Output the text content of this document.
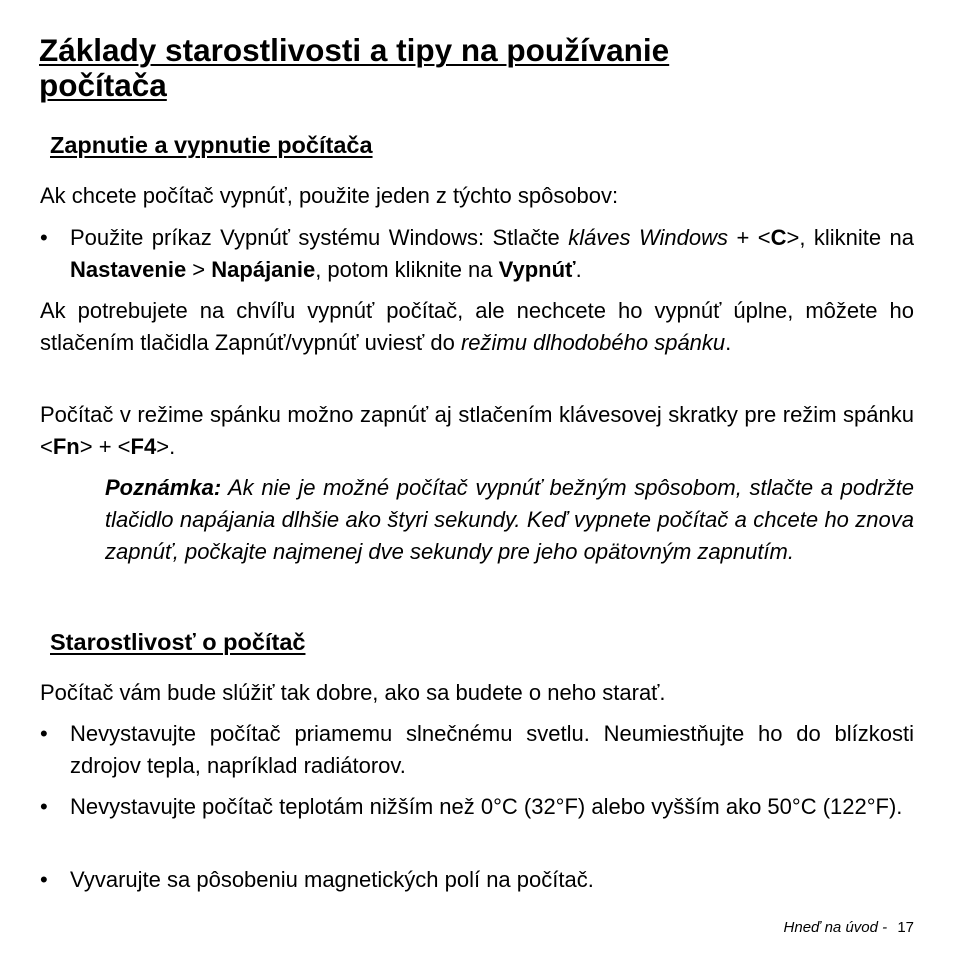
Základy starostlivosti a tipy na používanie počítača
Zapnutie a vypnutie počítača

Ak chcete počítač vypnúť, použite jeden z týchto spôsobov:

•	Použite príkaz Vypnúť systému Windows: Stlačte kláves Windows + <C>, kliknite na Nastavenie > Napájanie, potom kliknite na Vypnúť.

Ak potrebujete na chvíľu vypnúť počítač, ale nechcete ho vypnúť úplne, môžete ho stlačením tlačidla Zapnúť/vypnúť uviesť do režimu dlhodobého spánku.

Počítač v režime spánku možno zapnúť aj stlačením klávesovej skratky pre režim spánku <Fn> + <F4>.

Poznámka: Ak nie je možné počítač vypnúť bežným spôsobom, stlačte a podržte tlačidlo napájania dlhšie ako štyri sekundy. Keď vypnete počítač a chcete ho znova zapnúť, počkajte najmenej dve sekundy pre jeho opätovným zapnutím.
Starostlivosť o počítač

Počítač vám bude slúžiť tak dobre, ako sa budete o neho starať.

•	Nevystavujte počítač priamemu slnečnému svetlu. Neumiestňujte ho do blízkosti zdrojov tepla, napríklad radiátorov.
•	Nevystavujte počítač teplotám nižším než 0°C (32°F) alebo vyšším ako 50°C (122°F).
•	Vyvarujte sa pôsobeniu magnetických polí na počítač.
Hneď na úvod - 17
